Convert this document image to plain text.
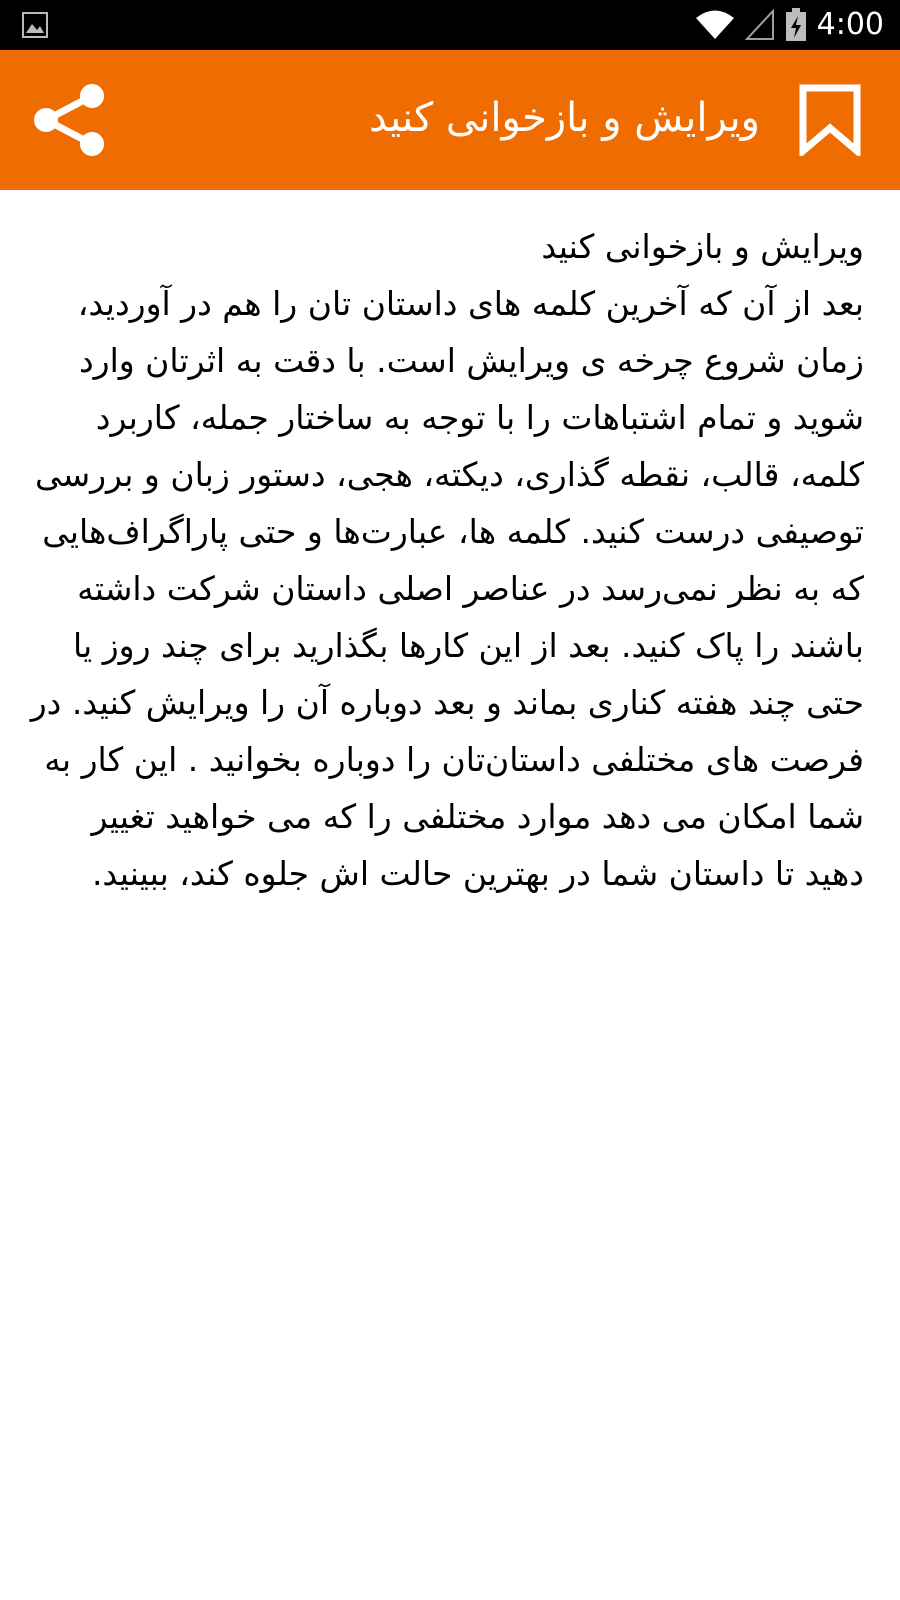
4:00
ویرایش و بازخوانی کنید

ویرایش و بازخوانی کنید

بعد از آن که آخرین کلمه های داستان تان را هم در آوردید، زمان شروع چرخه ی ویرایش است. با دقت به اثرتان وارد شوید و تمام اشتباهات را با توجه به ساختار جمله، کاربرد کلمه، قالب، نقطه گذاری، دیکته، هجی، دستور زبان و بررسی توصیفی درست کنید. کلمه ها، عبارت‌ها و حتی پاراگراف‌هایی که به نظر نمی‌رسد در عناصر اصلی داستان شرکت داشته باشند را پاک کنید. بعد از این کارها بگذارید برای چند روز یا حتی چند هفته کناری بماند و بعد دوباره آن را ویرایش کنید. در فرصت های مختلفی داستان‌تان را دوباره بخوانید . این کار به شما امکان می دهد موارد مختلفی را که می خواهید تغییر دهید تا داستان شما در بهترین حالت اش جلوه کند، ببینید.
